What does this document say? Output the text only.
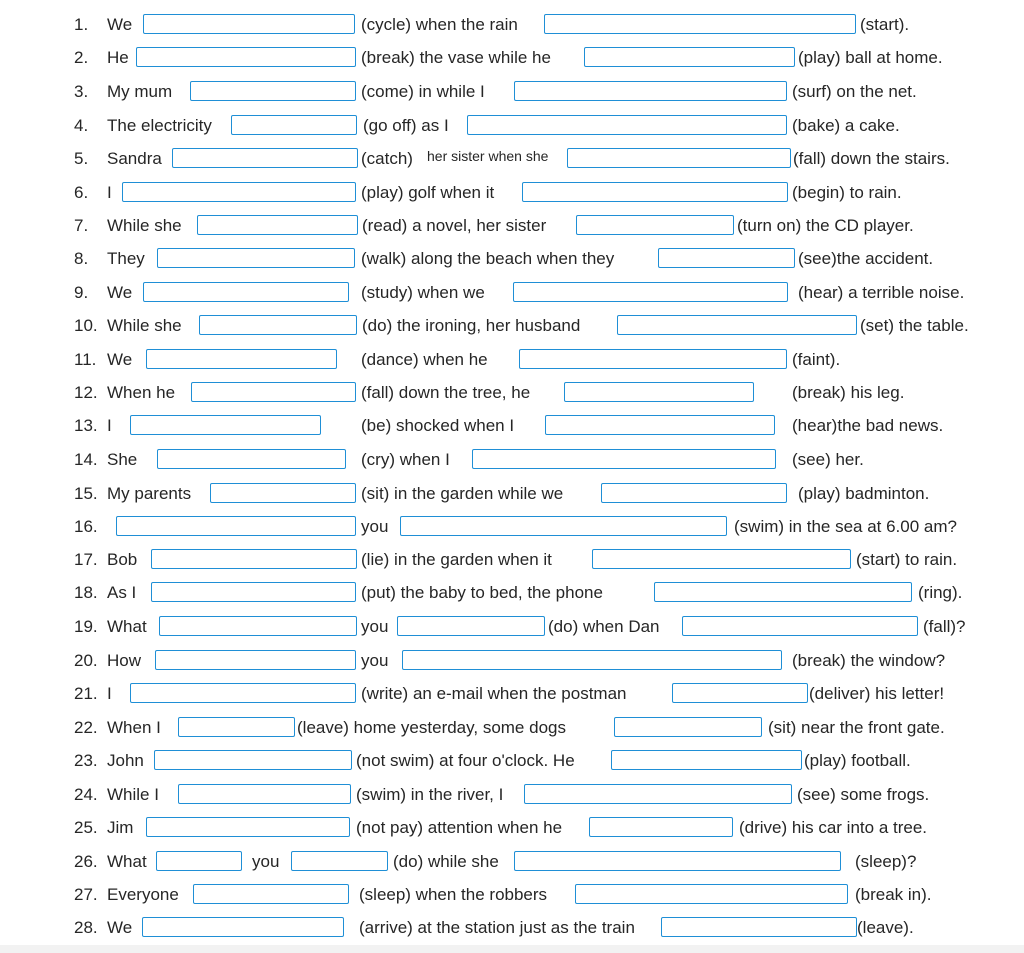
1. We	(cycle) when the rain	(start).
2. He	(break) the vase while he	(play) ball at home.
3. My mum	(come) in while I	(surf) on the net.
4. The electricity	(go off) as I	(bake) a cake.
5. Sandra	(catch) her sister when she	(fall) down the stairs.
6. I	(play) golf when it	(begin) to rain.
7. While she	(read) a novel, her sister	(turn on) the CD player.
8. They	(walk) along the beach when they	(see)the accident.
9. We	(study) when we	(hear) a terrible noise.
10. While she	(do) the ironing, her husband	(set) the table.
11. We	(dance) when he	(faint).
12. When he	(fall) down the tree, he	(break) his leg.
13. I	(be) shocked when I	(hear)the bad news.
14. She	(cry) when I	(see) her.
15. My parents	(sit) in the garden while we	(play) badminton.
16.	you	(swim) in the sea at 6.00 am?
17. Bob	(lie) in the garden when it	(start) to rain.
18. As I	(put) the baby to bed, the phone	(ring).
19. What	you	(do) when Dan	(fall)?
20. How	you	(break) the window?
21. I	(write) an e-mail when the postman	(deliver) his letter!
22. When I	(leave) home yesterday, some dogs	(sit) near the front gate.
23. John	(not swim) at four o'clock. He	(play) football.
24. While I	(swim) in the river, I	(see) some frogs.
25. Jim	(not pay) attention when he	(drive) his car into a tree.
26. What	you	(do) while she	(sleep)?
27. Everyone	(sleep) when the robbers	(break in).
28. We	(arrive) at the station just as the train	(leave).
